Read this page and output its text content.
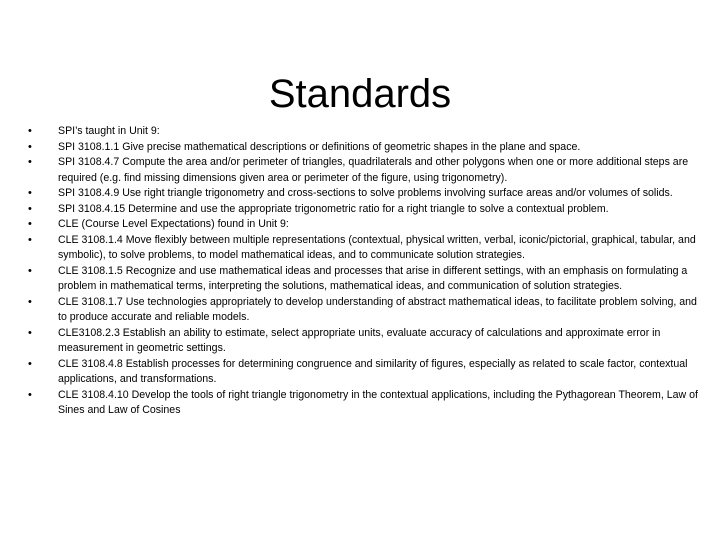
Standards
•	SPI’s taught in Unit 9:
•	SPI 3108.1.1 Give precise mathematical descriptions or definitions of geometric shapes in the plane and space.
•	SPI 3108.4.7 Compute the area and/or perimeter of triangles, quadrilaterals and other polygons when one or more additional steps are required (e.g. find missing dimensions given area or perimeter of the figure, using trigonometry).
•	SPI 3108.4.9 Use right triangle trigonometry and cross-sections to solve problems involving surface areas and/or volumes of solids.
•	SPI 3108.4.15 Determine and use the appropriate trigonometric ratio for a right triangle to solve a contextual problem.
•	CLE (Course Level Expectations) found in Unit 9:
•	CLE 3108.1.4 Move flexibly between multiple representations (contextual, physical written, verbal, iconic/pictorial, graphical, tabular, and symbolic), to solve problems, to model mathematical ideas, and to communicate solution strategies.
•	CLE 3108.1.5 Recognize and use mathematical ideas and processes that arise in different settings, with an emphasis on formulating a problem in mathematical terms, interpreting the solutions, mathematical ideas, and communication of solution strategies.
•	CLE 3108.1.7 Use technologies appropriately to develop understanding of abstract mathematical ideas, to facilitate problem solving, and to produce accurate and reliable models.
•	CLE3108.2.3 Establish an ability to estimate, select appropriate units, evaluate accuracy of calculations and approximate error in measurement in geometric settings.
•	CLE 3108.4.8 Establish processes for determining congruence and similarity of figures, especially as related to scale factor, contextual applications, and transformations.
•	CLE 3108.4.10 Develop the tools of right triangle trigonometry in the contextual applications, including the Pythagorean Theorem, Law of Sines and Law of Cosines
